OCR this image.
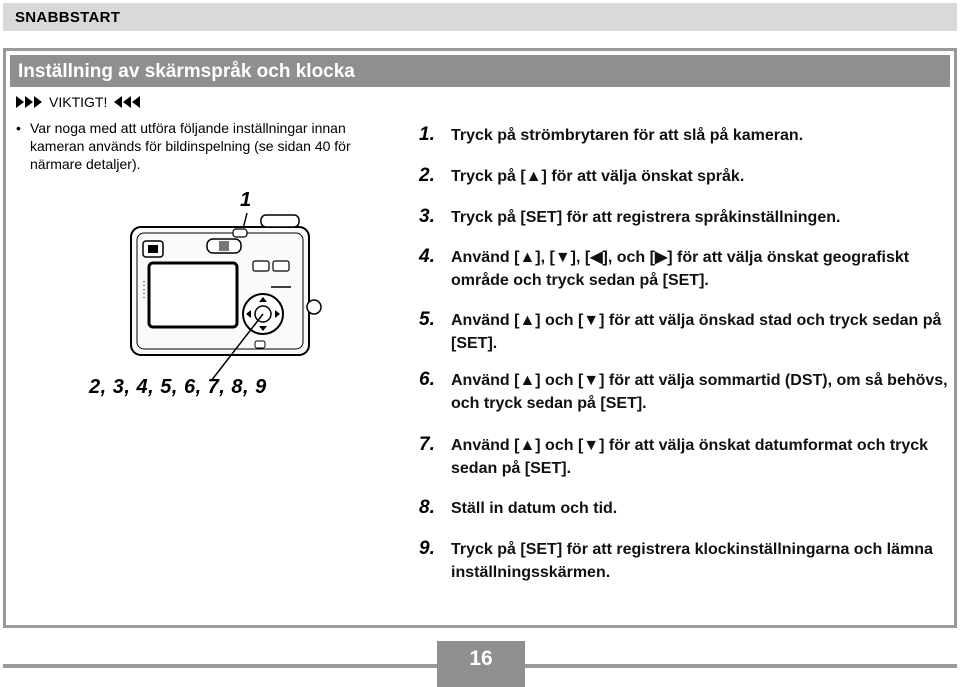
SNABBSTART
Inställning av skärmspråk och klocka
VIKTIGT!
• Var noga med att utföra följande inställningar innan kameran används för bildinspelning (se sidan 40 för närmare detaljer).
1
2, 3, 4, 5, 6, 7, 8, 9
1.	Tryck på strömbrytaren för att slå på kameran.
2.	Tryck på [▲] för att välja önskat språk.
3.	Tryck på [SET] för att registrera språkinställningen.
4.	Använd [▲], [▼], [◀], och [▶] för att välja önskat geografiskt område och tryck sedan på [SET].
5.	Använd [▲] och [▼] för att välja önskad stad och tryck sedan på [SET].
6.	Använd [▲] och [▼] för att välja sommartid (DST), om så behövs, och tryck sedan på [SET].
7.	Använd [▲] och [▼] för att välja önskat datumformat och tryck sedan på [SET].
8.	Ställ in datum och tid.
9.	Tryck på [SET] för att registrera klockinställningarna och lämna inställningsskärmen.
16
